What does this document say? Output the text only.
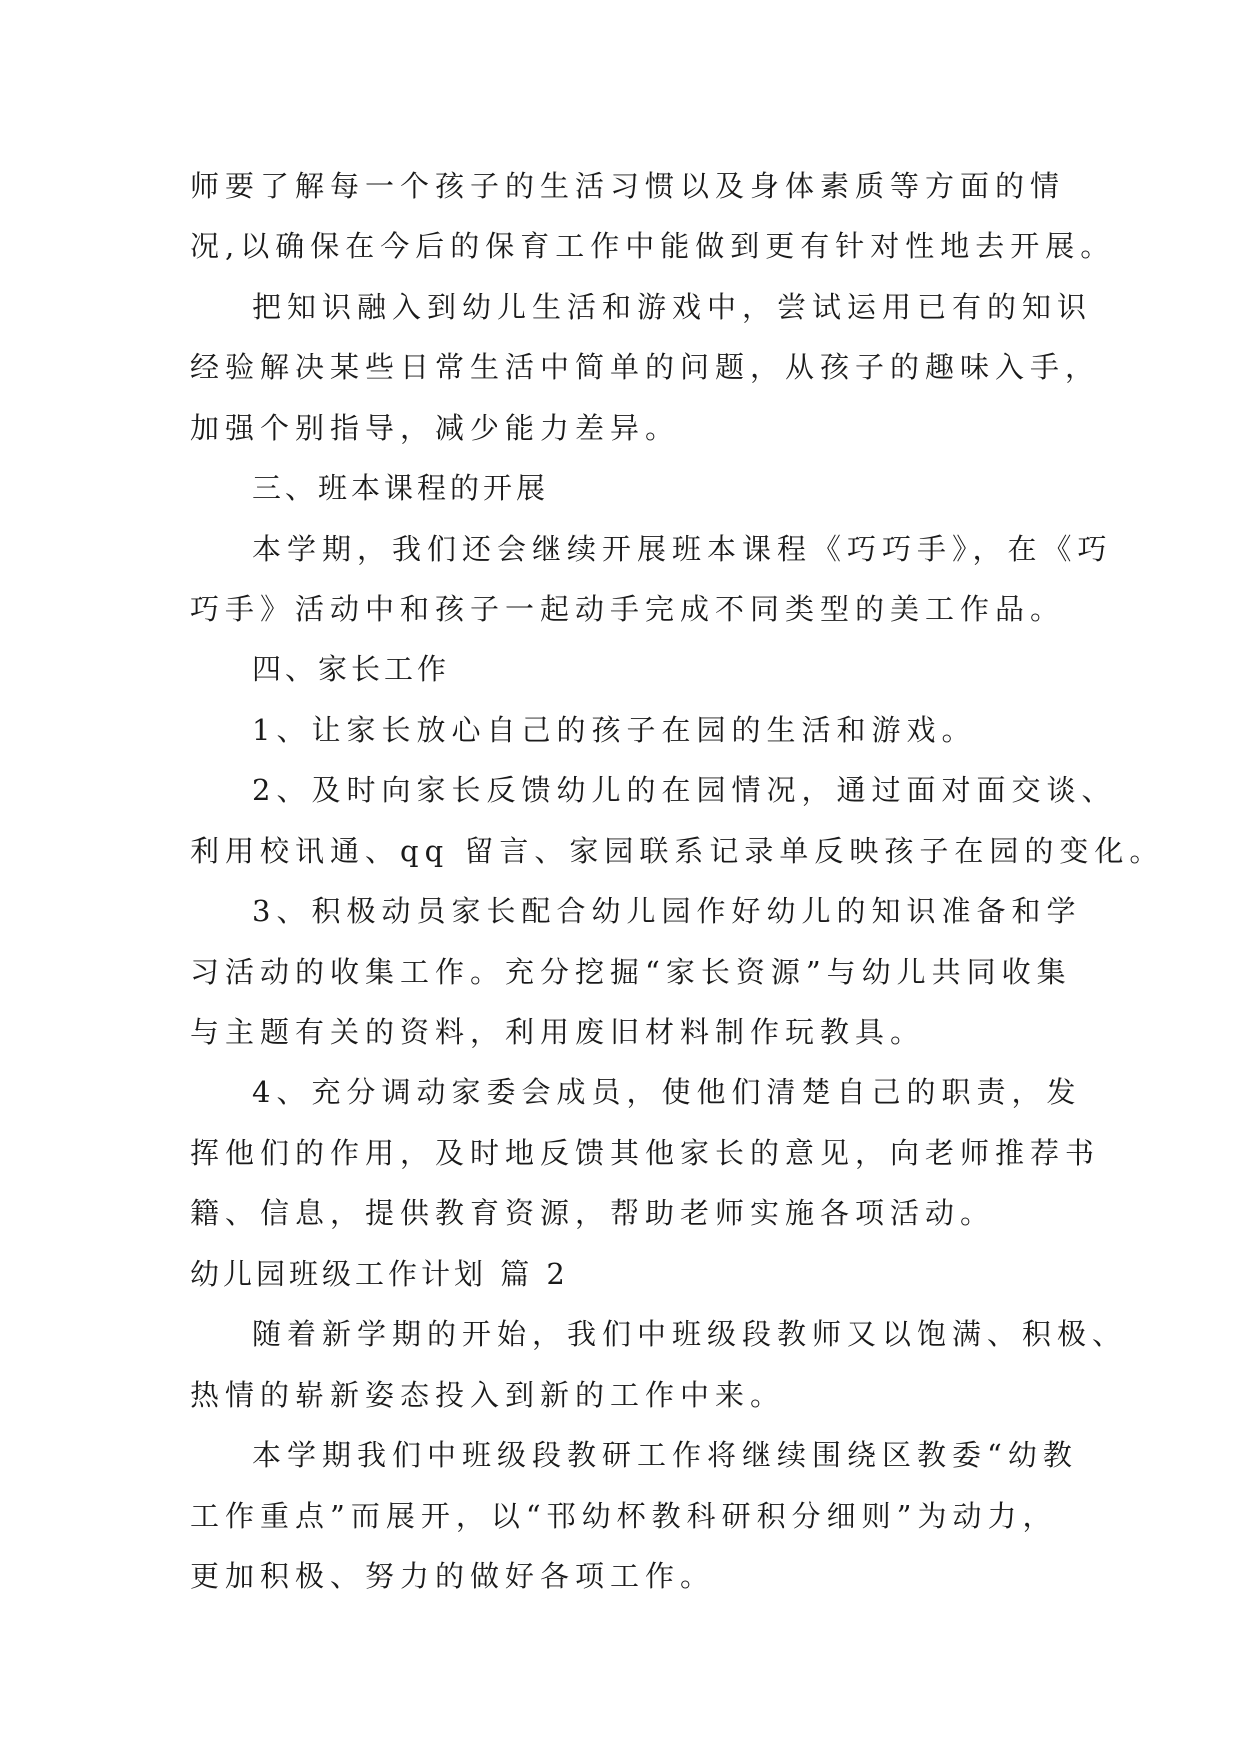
师要了解每一个孩子的生活习惯以及身体素质等方面的情

况,以确保在今后的保育工作中能做到更有针对性地去开展。

把知识融入到幼儿生活和游戏中，尝试运用已有的知识

经验解决某些日常生活中简单的问题，从孩子的趣味入手，

加强个别指导，减少能力差异。

三、班本课程的开展

本学期，我们还会继续开展班本课程《巧巧手》，在《巧

巧手》活动中和孩子一起动手完成不同类型的美工作品。

四、家长工作

1、让家长放心自己的孩子在园的生活和游戏。

2、及时向家长反馈幼儿的在园情况，通过面对面交谈、

利用校讯通、qq 留言、家园联系记录单反映孩子在园的变化。

3、积极动员家长配合幼儿园作好幼儿的知识准备和学

习活动的收集工作。充分挖掘“家长资源”与幼儿共同收集

与主题有关的资料，利用废旧材料制作玩教具。

4、充分调动家委会成员，使他们清楚自己的职责，发

挥他们的作用，及时地反馈其他家长的意见，向老师推荐书

籍、信息，提供教育资源，帮助老师实施各项活动。

幼儿园班级工作计划 篇 2

随着新学期的开始，我们中班级段教师又以饱满、积极、

热情的崭新姿态投入到新的工作中来。

本学期我们中班级段教研工作将继续围绕区教委“幼教

工作重点”而展开，以“邗幼杯教科研积分细则”为动力，

更加积极、努力的做好各项工作。
